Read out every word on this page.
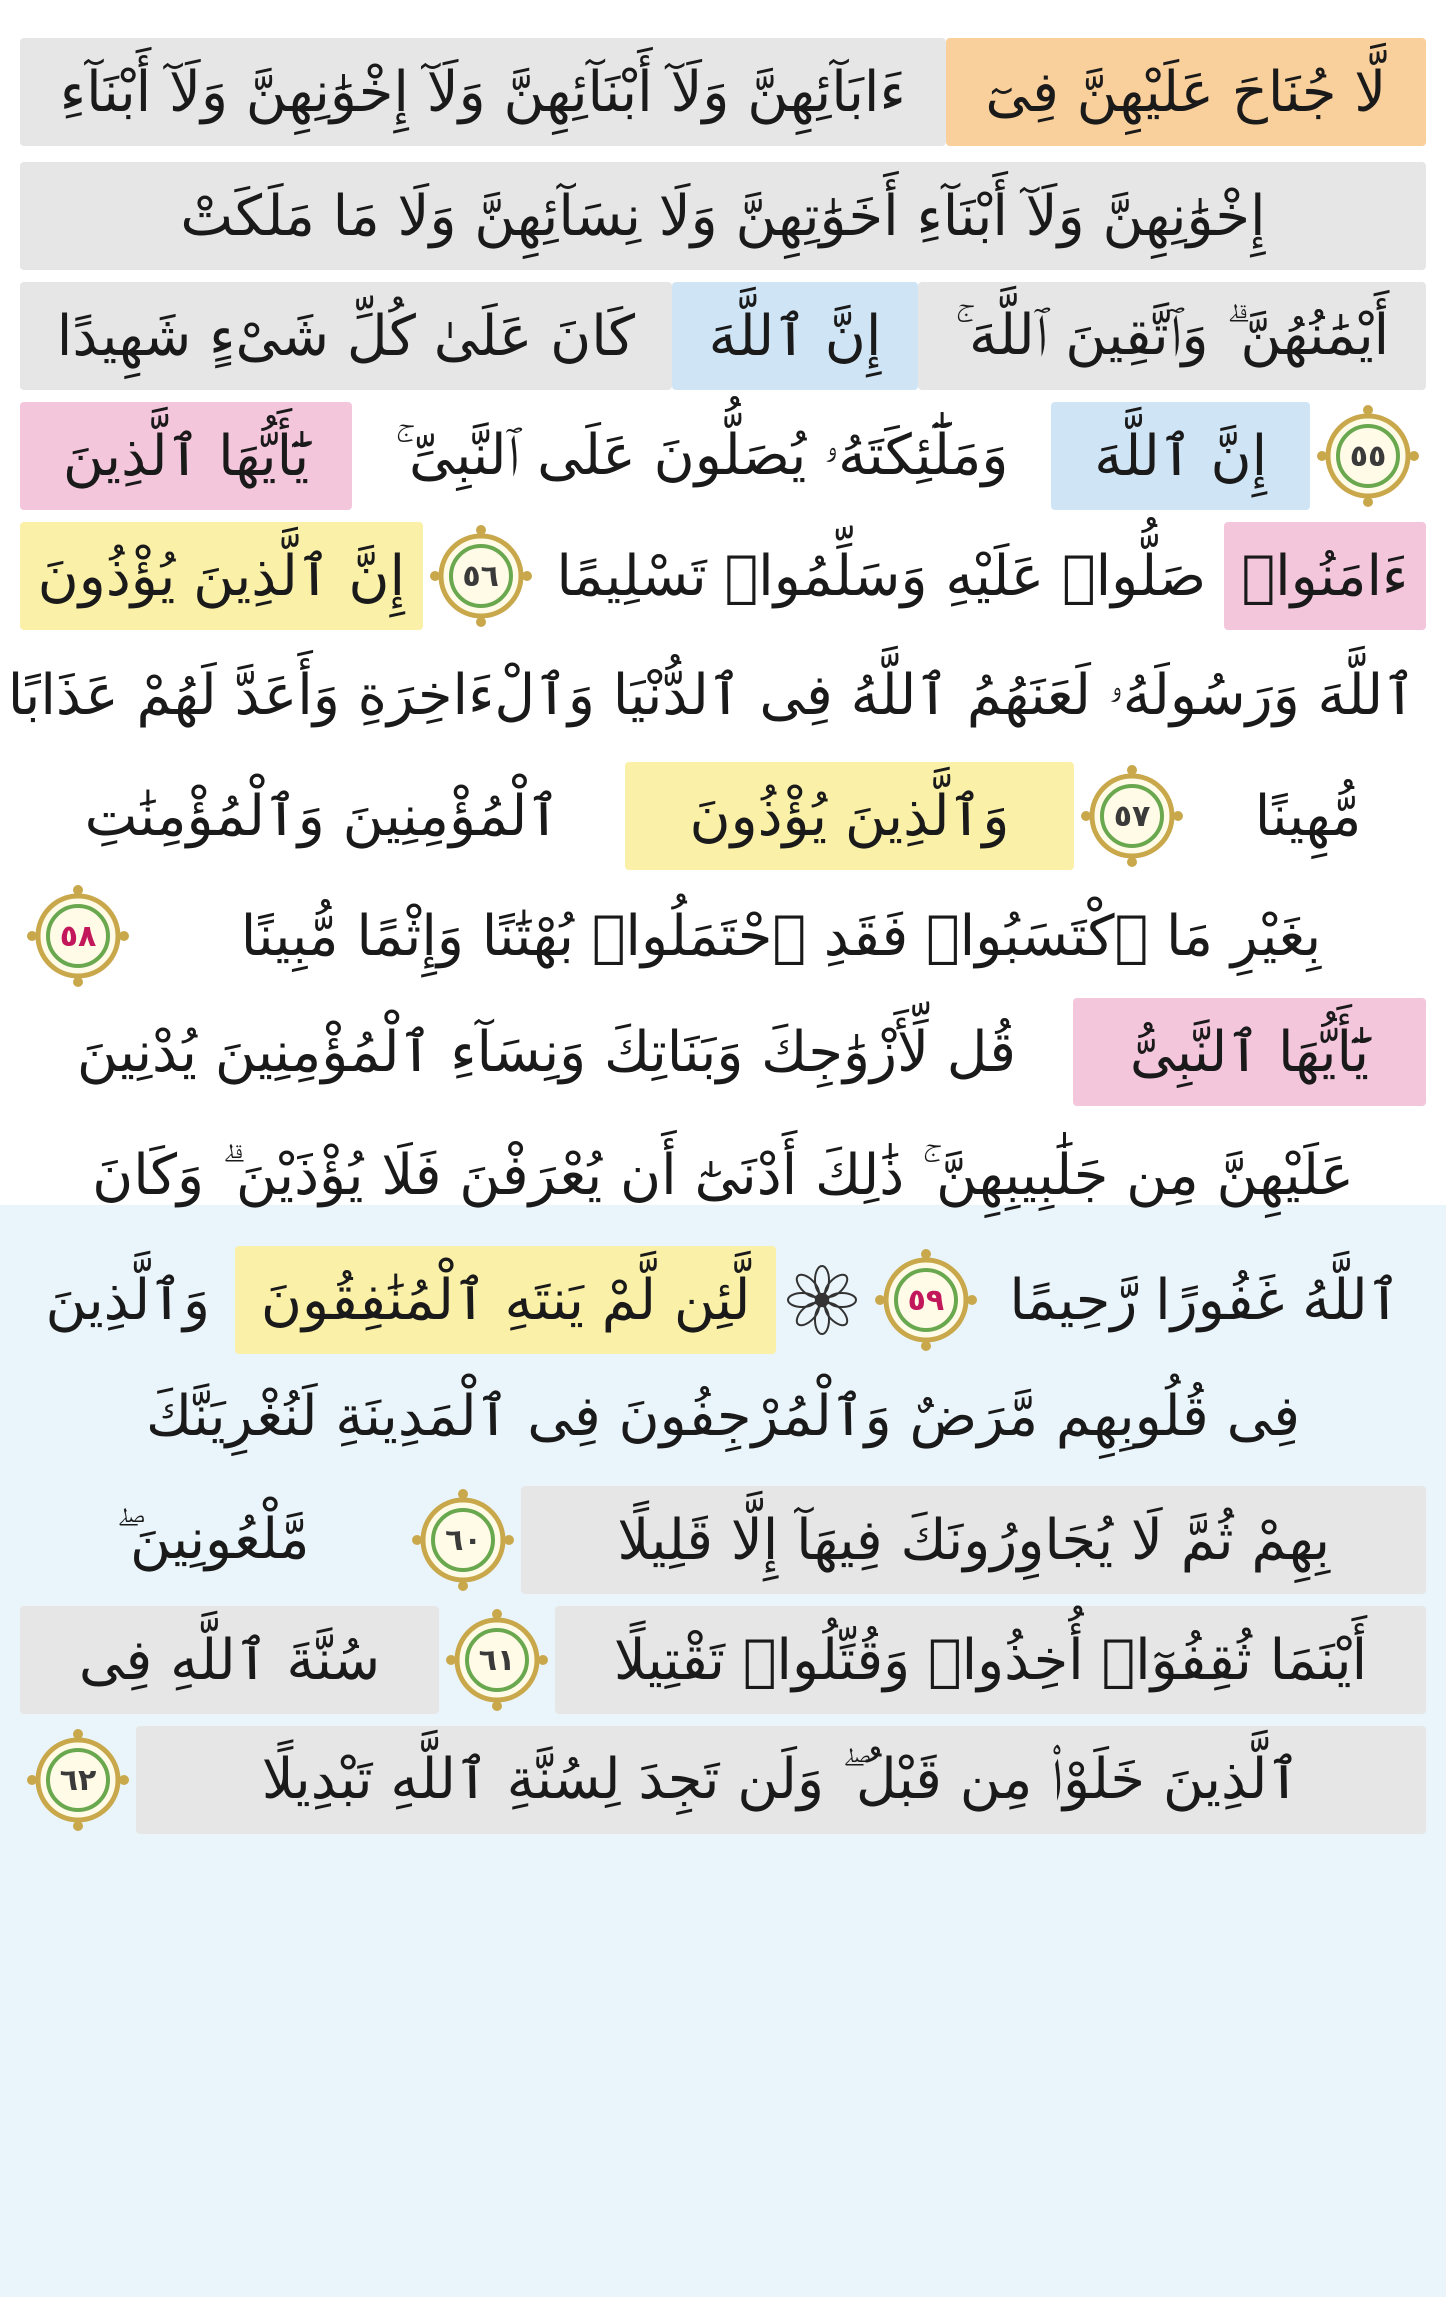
لَّا جُنَاحَ عَلَيْهِنَّ فِىٓ
ءَابَآئِهِنَّ وَلَآ أَبْنَآئِهِنَّ وَلَآ إِخْوَٰنِهِنَّ وَلَآ أَبْنَآءِ
إِخْوَٰنِهِنَّ وَلَآ أَبْنَآءِ أَخَوَٰتِهِنَّ وَلَا نِسَآئِهِنَّ وَلَا مَا مَلَكَتْ
أَيْمَٰنُهُنَّ ۗ وَٱتَّقِينَ ٱللَّهَ ۚ
إِنَّ ٱللَّهَ
كَانَ عَلَىٰ كُلِّ شَىْءٍ شَهِيدًا
٥٥
إِنَّ ٱللَّهَ
وَمَلَٰٓئِكَتَهُۥ يُصَلُّونَ عَلَى ٱلنَّبِىِّ ۚ
يَٰٓأَيُّهَا ٱلَّذِينَ
ءَامَنُوا۟
صَلُّوا۟ عَلَيْهِ وَسَلِّمُوا۟ تَسْلِيمًا
٥٦
إِنَّ ٱلَّذِينَ يُؤْذُونَ
ٱللَّهَ وَرَسُولَهُۥ لَعَنَهُمُ ٱللَّهُ فِى ٱلدُّنْيَا وَٱلْءَاخِرَةِ وَأَعَدَّ لَهُمْ عَذَابًا
مُّهِينًا
٥٧
وَٱلَّذِينَ يُؤْذُونَ
ٱلْمُؤْمِنِينَ وَٱلْمُؤْمِنَٰتِ
بِغَيْرِ مَا ٱكْتَسَبُوا۟ فَقَدِ ٱحْتَمَلُوا۟ بُهْتَٰنًا وَإِثْمًا مُّبِينًا
٥٨
يَٰٓأَيُّهَا ٱلنَّبِىُّ
قُل لِّأَزْوَٰجِكَ وَبَنَاتِكَ وَنِسَآءِ ٱلْمُؤْمِنِينَ يُدْنِينَ
عَلَيْهِنَّ مِن جَلَٰبِيبِهِنَّ ۚ ذَٰلِكَ أَدْنَىٰٓ أَن يُعْرَفْنَ فَلَا يُؤْذَيْنَ ۗ وَكَانَ
ٱللَّهُ غَفُورًا رَّحِيمًا
٥٩
لَّئِن لَّمْ يَنتَهِ ٱلْمُنَٰفِقُونَ
وَٱلَّذِينَ
فِى قُلُوبِهِم مَّرَضٌ وَٱلْمُرْجِفُونَ فِى ٱلْمَدِينَةِ لَنُغْرِيَنَّكَ
بِهِمْ ثُمَّ لَا يُجَاوِرُونَكَ فِيهَآ إِلَّا قَلِيلًا
٦٠
مَّلْعُونِينَ ۖ
أَيْنَمَا ثُقِفُوٓا۟ أُخِذُوا۟ وَقُتِّلُوا۟ تَقْتِيلًا
٦١
سُنَّةَ ٱللَّهِ فِى
ٱلَّذِينَ خَلَوْا۟ مِن قَبْلُ ۖ وَلَن تَجِدَ لِسُنَّةِ ٱللَّهِ تَبْدِيلًا
٦٢
